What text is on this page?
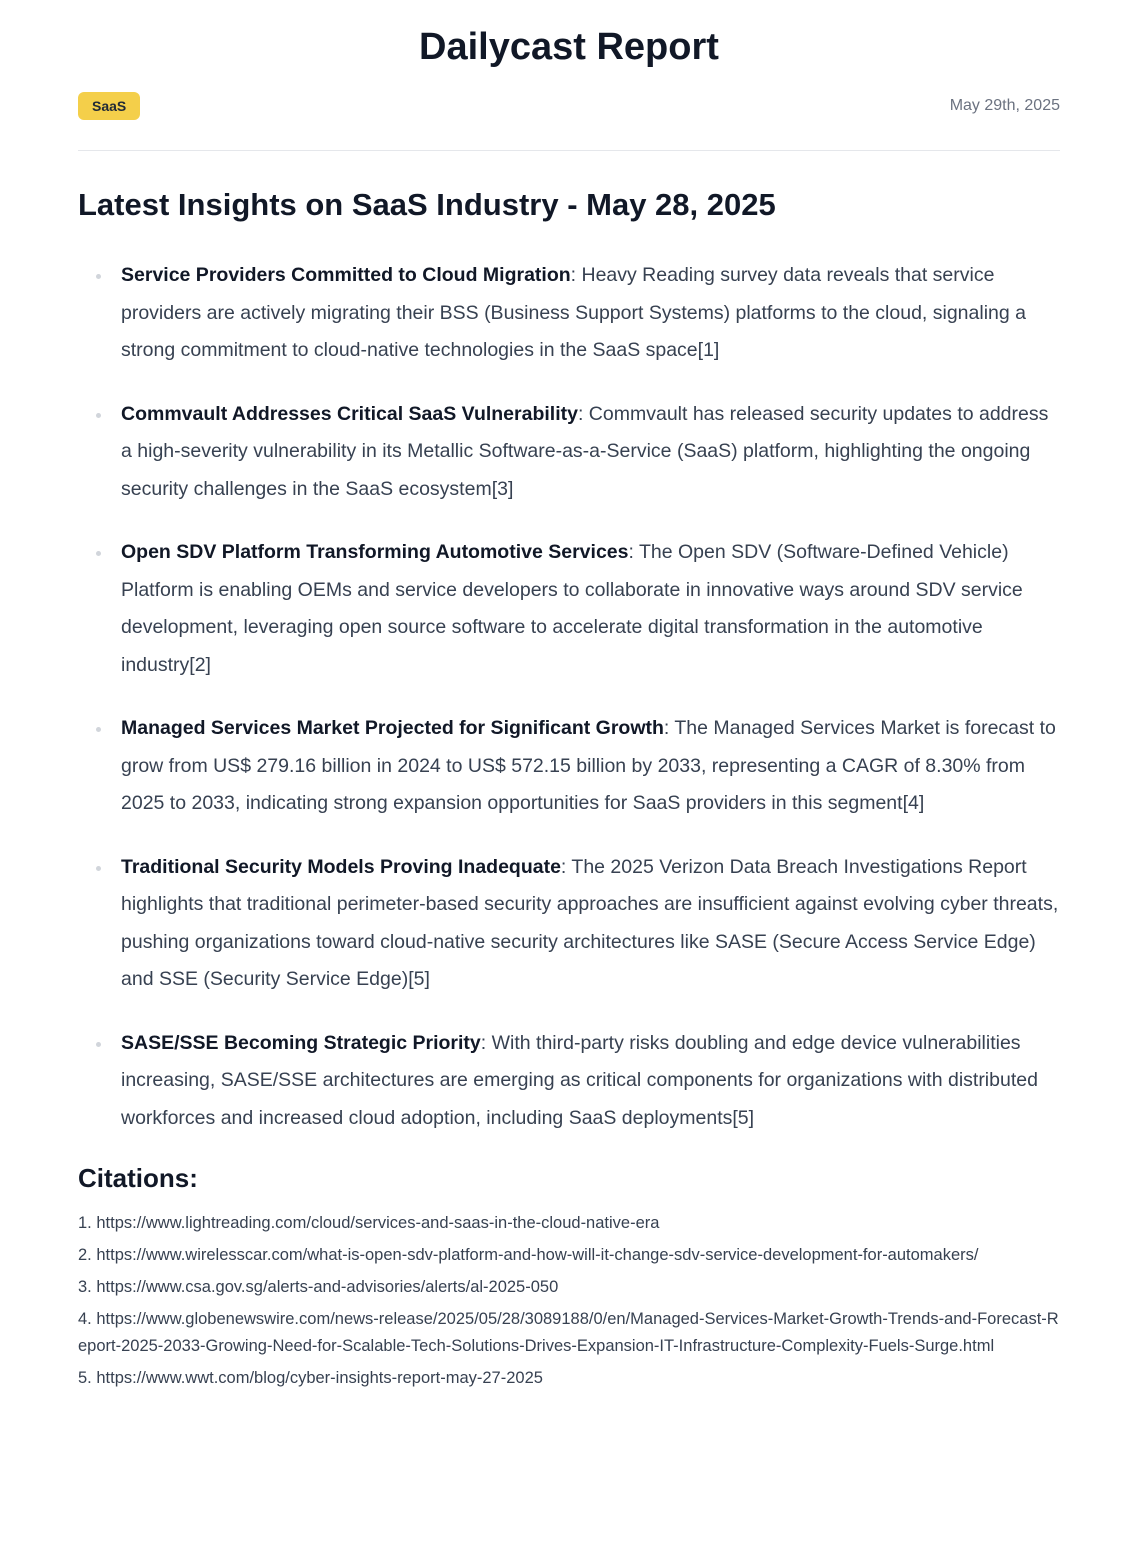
Dailycast Report
SaaS	May 29th, 2025
Latest Insights on SaaS Industry - May 28, 2025
Service Providers Committed to Cloud Migration: Heavy Reading survey data reveals that service providers are actively migrating their BSS (Business Support Systems) platforms to the cloud, signaling a strong commitment to cloud-native technologies in the SaaS space[1]
Commvault Addresses Critical SaaS Vulnerability: Commvault has released security updates to address a high-severity vulnerability in its Metallic Software-as-a-Service (SaaS) platform, highlighting the ongoing security challenges in the SaaS ecosystem[3]
Open SDV Platform Transforming Automotive Services: The Open SDV (Software-Defined Vehicle) Platform is enabling OEMs and service developers to collaborate in innovative ways around SDV service development, leveraging open source software to accelerate digital transformation in the automotive industry[2]
Managed Services Market Projected for Significant Growth: The Managed Services Market is forecast to grow from US$ 279.16 billion in 2024 to US$ 572.15 billion by 2033, representing a CAGR of 8.30% from 2025 to 2033, indicating strong expansion opportunities for SaaS providers in this segment[4]
Traditional Security Models Proving Inadequate: The 2025 Verizon Data Breach Investigations Report highlights that traditional perimeter-based security approaches are insufficient against evolving cyber threats, pushing organizations toward cloud-native security architectures like SASE (Secure Access Service Edge) and SSE (Security Service Edge)[5]
SASE/SSE Becoming Strategic Priority: With third-party risks doubling and edge device vulnerabilities increasing, SASE/SSE architectures are emerging as critical components for organizations with distributed workforces and increased cloud adoption, including SaaS deployments[5]
Citations:
1. https://www.lightreading.com/cloud/services-and-saas-in-the-cloud-native-era
2. https://www.wirelesscar.com/what-is-open-sdv-platform-and-how-will-it-change-sdv-service-development-for-automakers/
3. https://www.csa.gov.sg/alerts-and-advisories/alerts/al-2025-050
4. https://www.globenewswire.com/news-release/2025/05/28/3089188/0/en/Managed-Services-Market-Growth-Trends-and-Forecast-Report-2025-2033-Growing-Need-for-Scalable-Tech-Solutions-Drives-Expansion-IT-Infrastructure-Complexity-Fuels-Surge.html
5. https://www.wwt.com/blog/cyber-insights-report-may-27-2025
